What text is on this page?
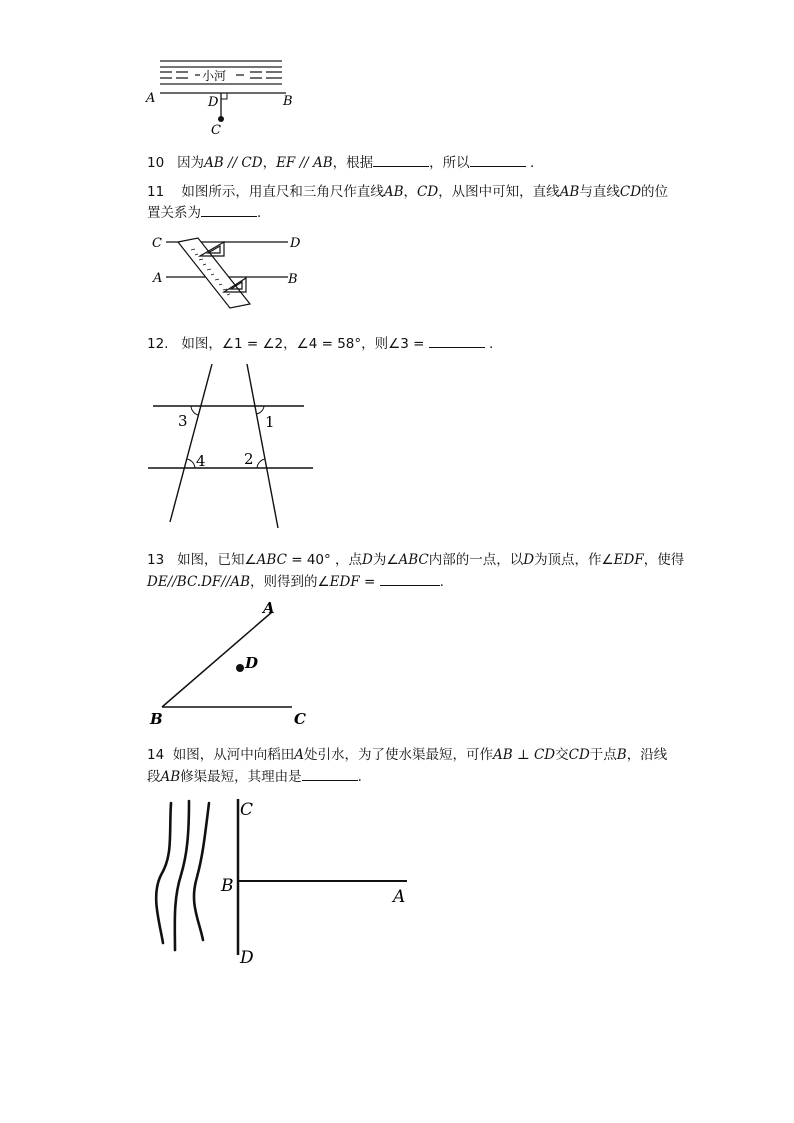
小河
A	B
D
C
10 因为AB // CD，EF // AB，根据	，所以	.
11 如图所示，用直尺和三角尺作直线AB，CD，从图中可知，直线AB与直线CD的位
置关系为	.
C	D
A	B
12. 如图，∠1 = ∠2，∠4 = 58°，则∠3 =	.
3	1
4	2
13 如图，已知∠ABC = 40° ，点D为∠ABC内部的一点，以D为顶点，作∠EDF，使得
DE//BC.DF//AB，则得到的∠EDF =	.
A
D
B	C
14 如图，从河中向稻田A处引水，为了使水渠最短，可作AB ⊥ CD交CD于点B，沿线
段AB修渠最短，其理由是	.
C
B
A
D
